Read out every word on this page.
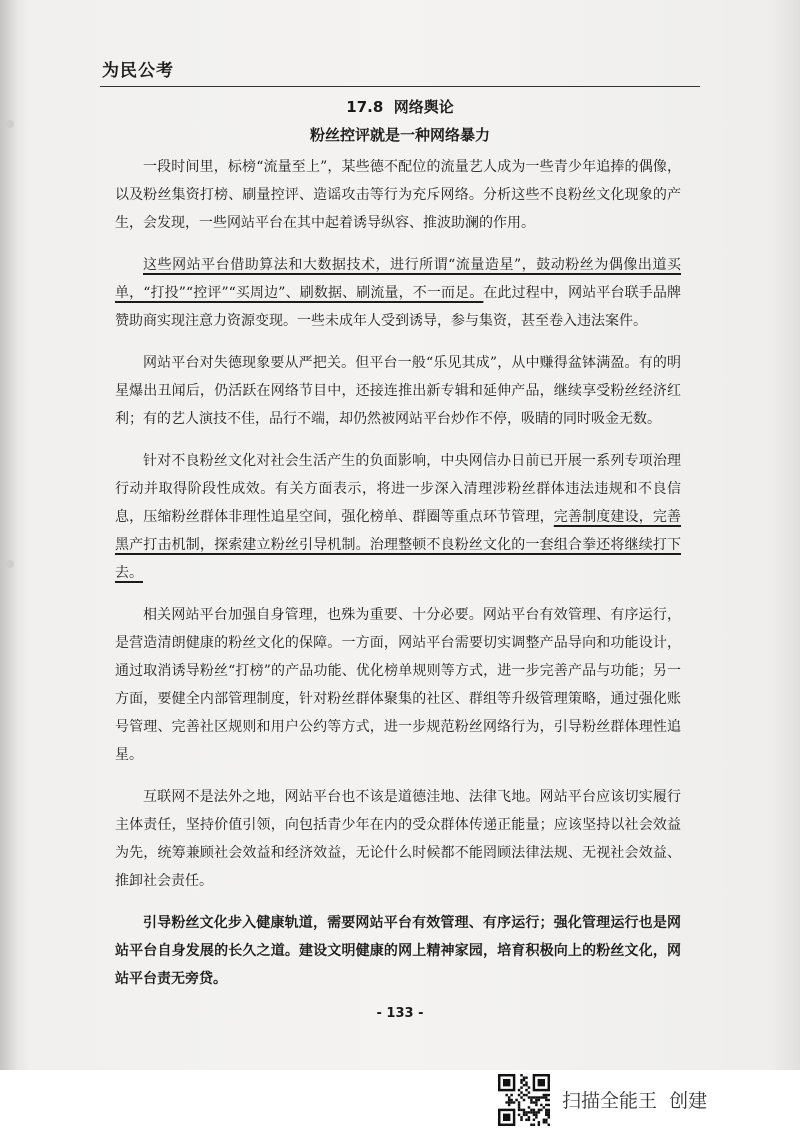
为民公考
17.8  网络舆论
粉丝控评就是一种网络暴力

一段时间里，标榜“流量至上”，某些德不配位的流量艺人成为一些青少年追捧的偶像，以及粉丝集资打榜、刷量控评、造谣攻击等行为充斥网络。分析这些不良粉丝文化现象的产生，会发现，一些网站平台在其中起着诱导纵容、推波助澜的作用。

这些网站平台借助算法和大数据技术，进行所谓“流量造星”，鼓动粉丝为偶像出道买单，“打投”“控评”“买周边”、刷数据、刷流量，不一而足。在此过程中，网站平台联手品牌赞助商实现注意力资源变现。一些未成年人受到诱导，参与集资，甚至卷入违法案件。

网站平台对失德现象要从严把关。但平台一般“乐见其成”，从中赚得盆钵满盈。有的明星爆出丑闻后，仍活跃在网络节目中，还接连推出新专辑和延伸产品，继续享受粉丝经济红利；有的艺人演技不佳，品行不端，却仍然被网站平台炒作不停，吸睛的同时吸金无数。

针对不良粉丝文化对社会生活产生的负面影响，中央网信办日前已开展一系列专项治理行动并取得阶段性成效。有关方面表示，将进一步深入清理涉粉丝群体违法违规和不良信息，压缩粉丝群体非理性追星空间，强化榜单、群圈等重点环节管理，完善制度建设，完善黑产打击机制，探索建立粉丝引导机制。治理整顿不良粉丝文化的一套组合拳还将继续打下去。

相关网站平台加强自身管理，也殊为重要、十分必要。网站平台有效管理、有序运行，是营造清朗健康的粉丝文化的保障。一方面，网站平台需要切实调整产品导向和功能设计，通过取消诱导粉丝“打榜”的产品功能、优化榜单规则等方式，进一步完善产品与功能；另一方面，要健全内部管理制度，针对粉丝群体聚集的社区、群组等升级管理策略，通过强化账号管理、完善社区规则和用户公约等方式，进一步规范粉丝网络行为，引导粉丝群体理性追星。

互联网不是法外之地，网站平台也不该是道德洼地、法律飞地。网站平台应该切实履行主体责任，坚持价值引领，向包括青少年在内的受众群体传递正能量；应该坚持以社会效益为先，统筹兼顾社会效益和经济效益，无论什么时候都不能罔顾法律法规、无视社会效益、推卸社会责任。

引导粉丝文化步入健康轨道，需要网站平台有效管理、有序运行；强化管理运行也是网站平台自身发展的长久之道。建设文明健康的网上精神家园，培育积极向上的粉丝文化，网站平台责无旁贷。

- 133 -
扫描全能王  创建
